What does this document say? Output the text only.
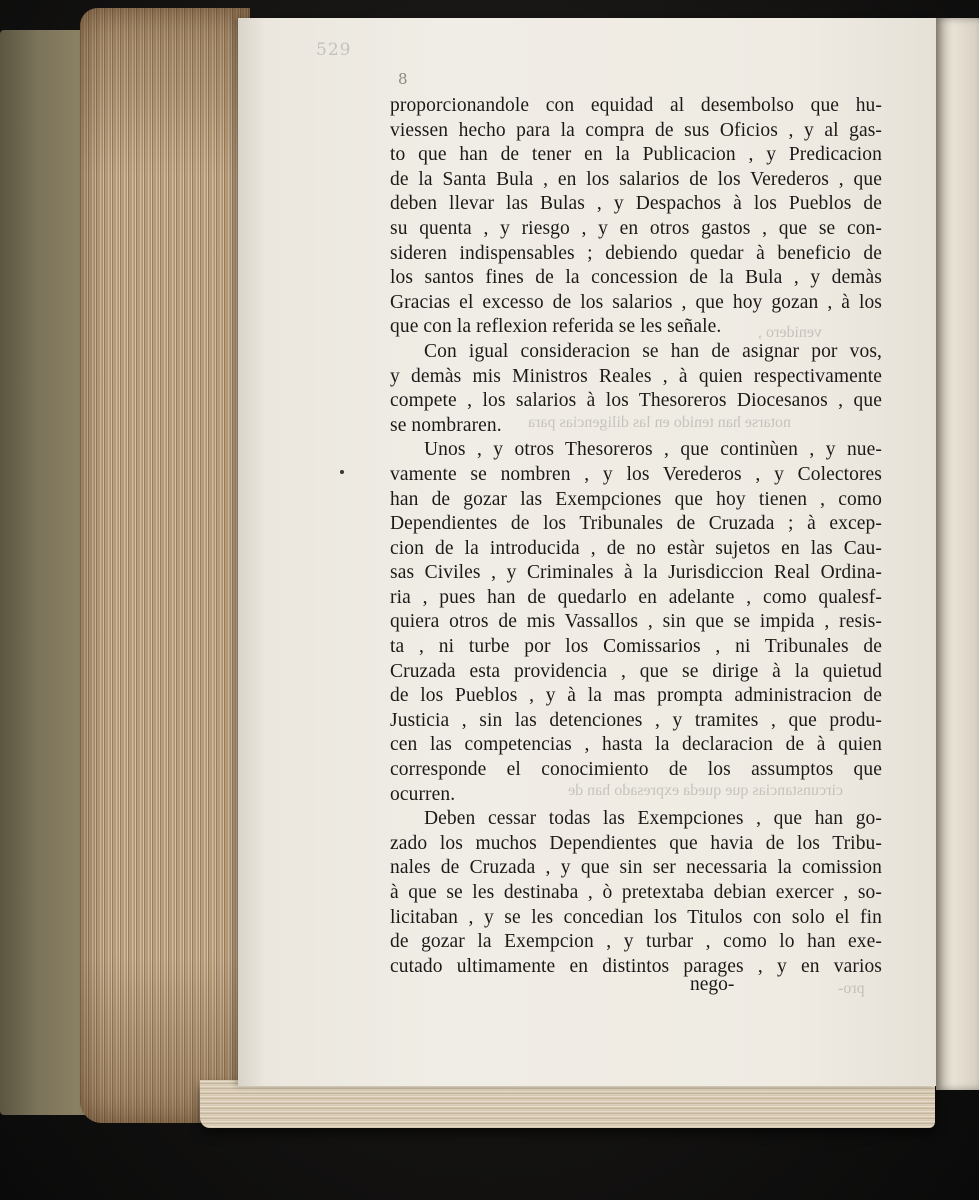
529
8
venidero ,
notarse han tenido en las diligencias para
circunstancias que queda expresado han de
pro-
proporcionandole con equidad al desembolso que hu-
viessen hecho para la compra de sus Oficios , y al gas-
to que han de tener en la Publicacion , y Predicacion
de la Santa Bula , en los salarios de los Verederos , que
deben llevar las Bulas , y Despachos à los Pueblos de
su quenta , y riesgo , y en otros gastos , que se con-
sideren indispensables ; debiendo quedar à beneficio de
los santos fines de la concession de la Bula , y demàs
Gracias el excesso de los salarios , que hoy gozan , à los
que con la reflexion referida se les señale.
Con igual consideracion se han de asignar por vos,
y demàs mis Ministros Reales , à quien respectivamente
compete , los salarios à los Thesoreros Diocesanos , que
se nombraren.
Unos , y otros Thesoreros , que continùen , y nue-
vamente se nombren , y los Verederos , y Colectores
han de gozar las Exempciones que hoy tienen , como
Dependientes de los Tribunales de Cruzada ; à excep-
cion de la introducida , de no estàr sujetos en las Cau-
sas Civiles , y Criminales à la Jurisdiccion Real Ordina-
ria , pues han de quedarlo en adelante , como qualesf-
quiera otros de mis Vassallos , sin que se impida , resis-
ta , ni turbe por los Comissarios , ni Tribunales de
Cruzada esta providencia , que se dirige à la quietud
de los Pueblos , y à la mas prompta administracion de
Justicia , sin las detenciones , y tramites , que produ-
cen las competencias , hasta la declaracion de à quien
corresponde el conocimiento de los assumptos que
ocurren.
Deben cessar todas las Exempciones , que han go-
zado los muchos Dependientes que havia de los Tribu-
nales de Cruzada , y que sin ser necessaria la comission
à que se les destinaba , ò pretextaba debian exercer , so-
licitaban , y se les concedian los Titulos con solo el fin
de gozar la Exempcion , y turbar , como lo han exe-
cutado ultimamente en distintos parages , y en varios
nego-
